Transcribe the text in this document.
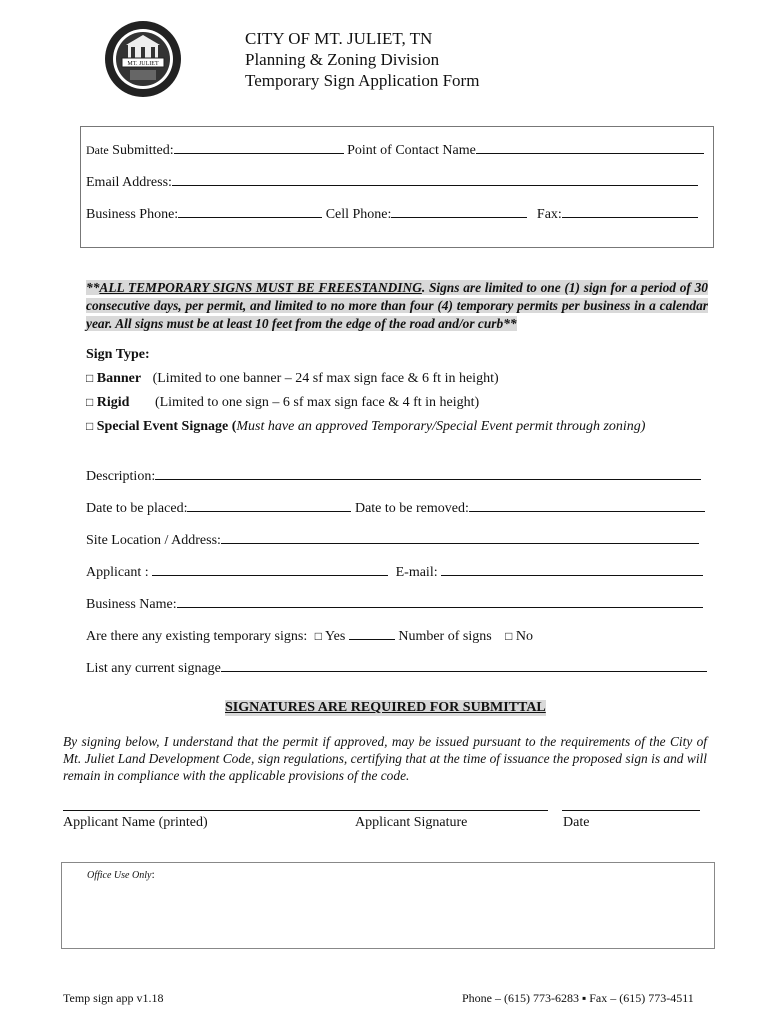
MT. JULIET
CITY OF MT. JULIET, TN
Planning & Zoning Division
Temporary Sign Application Form
Date Submitted:	Point of Contact Name
Email Address:
Business Phone:	Cell Phone:	Fax:
**ALL TEMPORARY SIGNS MUST BE FREESTANDING. Signs are limited to one (1) sign for a period of 30 consecutive days, per permit, and limited to no more than four (4) temporary permits per business in a calendar year. All signs must be at least 10 feet from the edge of the road and/or curb**
Sign Type:
□ Banner (Limited to one banner – 24 sf max sign face & 6 ft in height)
□ Rigid (Limited to one sign – 6 sf max sign face & 4 ft in height)
□ Special Event Signage (Must have an approved Temporary/Special Event permit through zoning)
Description:
Date to be placed:	Date to be removed:
Site Location / Address:
Applicant :	E-mail:
Business Name:
Are there any existing temporary signs: □ Yes	Number of signs □ No
List any current signage
SIGNATURES ARE REQUIRED FOR SUBMITTAL
By signing below, I understand that the permit if approved, may be issued pursuant to the requirements of the City of Mt. Juliet Land Development Code, sign regulations, certifying that at the time of issuance the proposed sign is and will remain in compliance with the applicable provisions of the code.
Applicant Name (printed)	Applicant Signature	Date
Office Use Only:
Temp sign app v1.18	Phone – (615) 773-6283 ▪ Fax – (615) 773-4511
